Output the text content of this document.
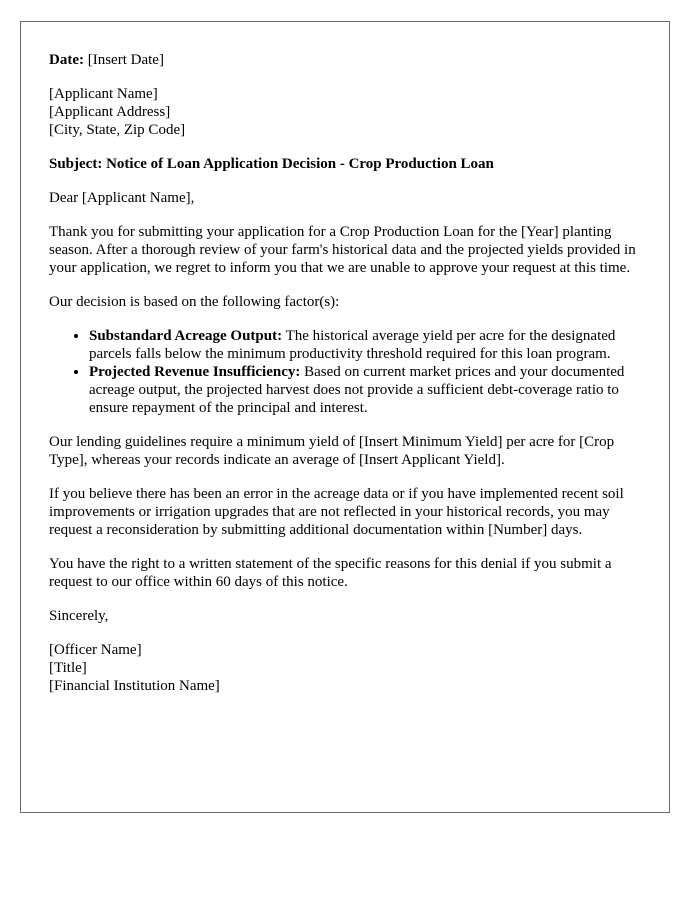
Date: [Insert Date]

[Applicant Name]
[Applicant Address]
[City, State, Zip Code]

Subject: Notice of Loan Application Decision - Crop Production Loan

Dear [Applicant Name],

Thank you for submitting your application for a Crop Production Loan for the [Year] planting season. After a thorough review of your farm's historical data and the projected yields provided in your application, we regret to inform you that we are unable to approve your request at this time.

Our decision is based on the following factor(s):

• Substandard Acreage Output: The historical average yield per acre for the designated parcels falls below the minimum productivity threshold required for this loan program.
• Projected Revenue Insufficiency: Based on current market prices and your documented acreage output, the projected harvest does not provide a sufficient debt-coverage ratio to ensure repayment of the principal and interest.

Our lending guidelines require a minimum yield of [Insert Minimum Yield] per acre for [Crop Type], whereas your records indicate an average of [Insert Applicant Yield].

If you believe there has been an error in the acreage data or if you have implemented recent soil improvements or irrigation upgrades that are not reflected in your historical records, you may request a reconsideration by submitting additional documentation within [Number] days.

You have the right to a written statement of the specific reasons for this denial if you submit a request to our office within 60 days of this notice.

Sincerely,

[Officer Name]
[Title]
[Financial Institution Name]
